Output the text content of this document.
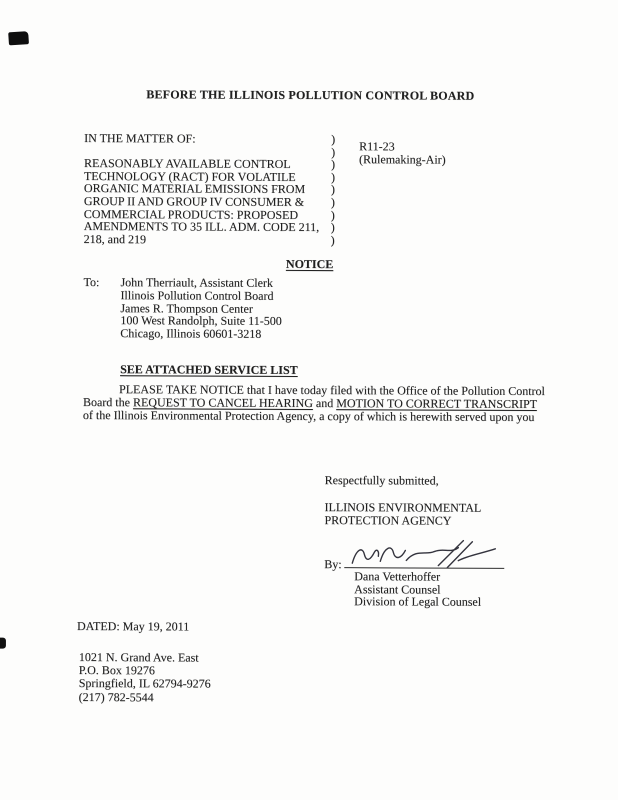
BEFORE THE ILLINOIS POLLUTION CONTROL BOARD
IN THE MATTER OF:
REASONABLY AVAILABLE CONTROL
TECHNOLOGY (RACT) FOR VOLATILE
ORGANIC MATERIAL EMISSIONS FROM
GROUP II AND GROUP IV CONSUMER &
COMMERCIAL PRODUCTS: PROPOSED
AMENDMENTS TO 35 ILL. ADM. CODE 211,
218, and 219
)
)
)
)
)
)
)
)
)
R11-23
(Rulemaking-Air)
NOTICE
To:	John Therriault, Assistant Clerk
Illinois Pollution Control Board
James R. Thompson Center
100 West Randolph, Suite 11-500
Chicago, Illinois 60601-3218
SEE ATTACHED SERVICE LIST

PLEASE TAKE NOTICE that I have today filed with the Office of the Pollution Control Board the REQUEST TO CANCEL HEARING and MOTION TO CORRECT TRANSCRIPT of the Illinois Environmental Protection Agency, a copy of which is herewith served upon you

Respectfully submitted,
ILLINOIS ENVIRONMENTAL
PROTECTION AGENCY
By:
Dana Vetterhoffer
Assistant Counsel
Division of Legal Counsel
DATED: May 19, 2011
1021 N. Grand Ave. East
P.O. Box 19276
Springfield, IL 62794-9276
(217) 782-5544
